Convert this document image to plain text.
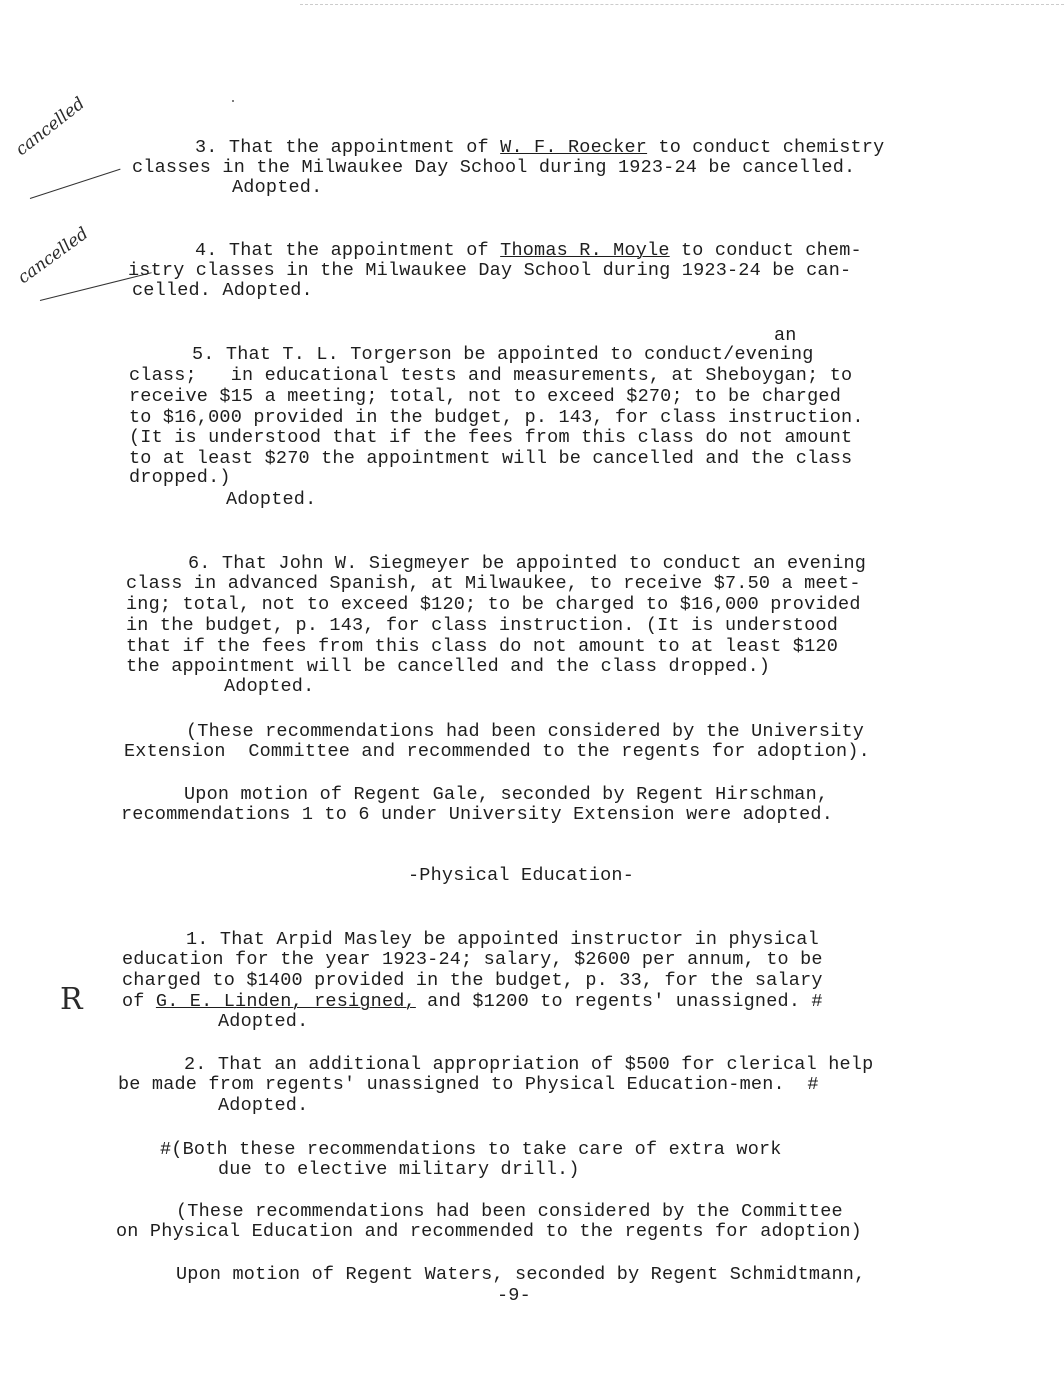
cancelled
cancelled
R
3. That the appointment of W. F. Roecker to conduct chemistry
classes in the Milwaukee Day School during 1923-24 be cancelled.
Adopted.
4. That the appointment of Thomas R. Moyle to conduct chem-
istry classes in the Milwaukee Day School during 1923-24 be can-
celled. Adopted.
an
5. That T. L. Torgerson be appointed to conduct/evening
class;   in educational tests and measurements, at Sheboygan; to
receive $15 a meeting; total, not to exceed $270; to be charged
to $16,000 provided in the budget, p. 143, for class instruction.
(It is understood that if the fees from this class do not amount
to at least $270 the appointment will be cancelled and the class
dropped.)
Adopted.
6. That John W. Siegmeyer be appointed to conduct an evening
class in advanced Spanish, at Milwaukee, to receive $7.50 a meet-
ing; total, not to exceed $120; to be charged to $16,000 provided
in the budget, p. 143, for class instruction. (It is understood
that if the fees from this class do not amount to at least $120
the appointment will be cancelled and the class dropped.)
Adopted.
(These recommendations had been considered by the University
Extension  Committee and recommended to the regents for adoption).
Upon motion of Regent Gale, seconded by Regent Hirschman,
recommendations 1 to 6 under University Extension were adopted.
-Physical Education-
1. That Arpid Masley be appointed instructor in physical
education for the year 1923-24; salary, $2600 per annum, to be
charged to $1400 provided in the budget, p. 33, for the salary
of G. E. Linden, resigned, and $1200 to regents' unassigned. #
Adopted.
2. That an additional appropriation of $500 for clerical help
be made from regents' unassigned to Physical Education-men.  #
Adopted.
#(Both these recommendations to take care of extra work
due to elective military drill.)
(These recommendations had been considered by the Committee
on Physical Education and recommended to the regents for adoption)
Upon motion of Regent Waters, seconded by Regent Schmidtmann,
-9-
